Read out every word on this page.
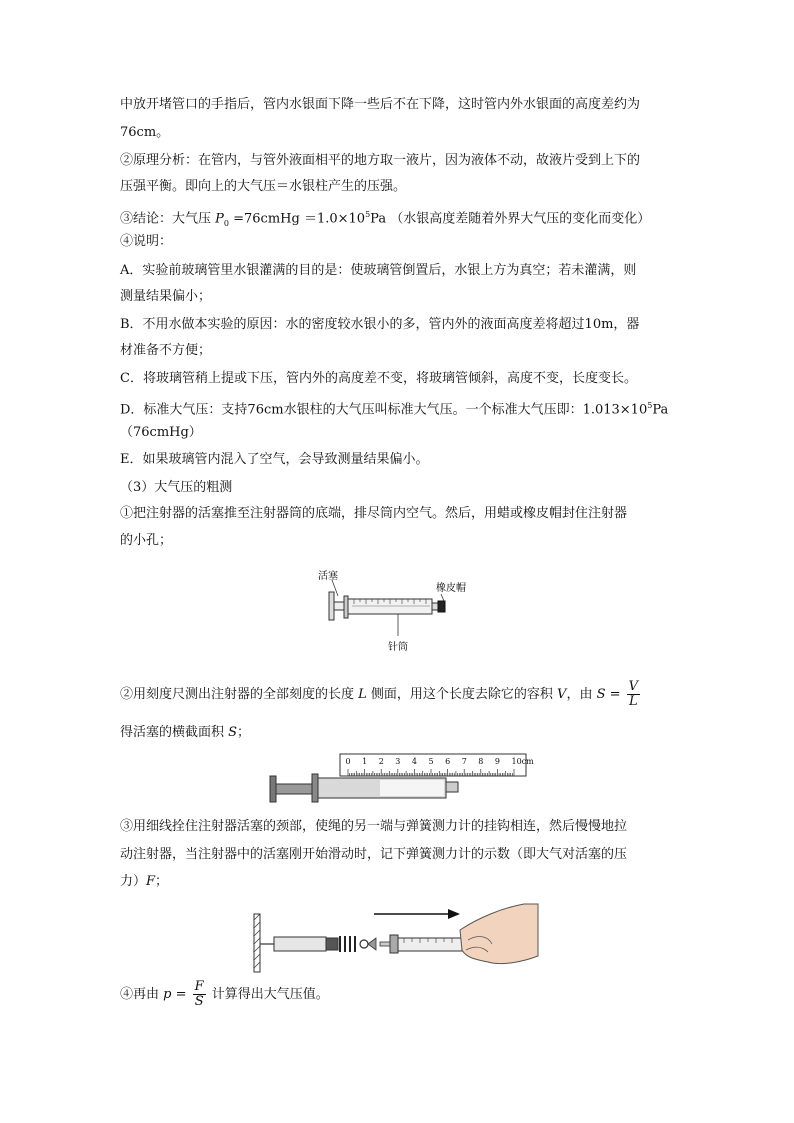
中放开堵管口的手指后，管内水银面下降一些后不在下降，这时管内外水银面的高度差约为
76cm。
②原理分析：在管内，与管外液面相平的地方取一液片，因为液体不动，故液片受到上下的
压强平衡。即向上的大气压＝水银柱产生的压强。
③结论：大气压 $P_0$ =76cmHg $=1.0\times 10^5Pa$ （水银高度差随着外界大气压的变化而变化）
④说明：
A．实验前玻璃管里水银灌满的目的是：使玻璃管倒置后，水银上方为真空；若未灌满，则
测量结果偏小；
B．不用水做本实验的原因：水的密度较水银小的多，管内外的液面高度差将超过10m，器
材准备不方便；
C．将玻璃管稍上提或下压，管内外的高度差不变，将玻璃管倾斜，高度不变，长度变长。
D．标准大气压：支持76cm水银柱的大气压叫标准大气压。一个标准大气压即：$1.013\times 10^5Pa$
（76cmHg）
E．如果玻璃管内混入了空气，会导致测量结果偏小。
（3）大气压的粗测
①把注射器的活塞推至注射器筒的底端，排尽筒内空气。然后，用蜡或橡皮帽封住注射器
的小孔；
活塞
橡皮帽
针筒
②用刻度尺测出注射器的全部刻度的长度 L 侧面，用这个长度去除它的容积 V，由 $S = \frac{V}{L}$
得活塞的横截面积 S；
0 1 2 3 4 5 6 7 8 9 10cm
③用细线拴住注射器活塞的颈部，使绳的另一端与弹簧测力计的挂钩相连，然后慢慢地拉
动注射器，当注射器中的活塞刚开始滑动时，记下弹簧测力计的示数（即大气对活塞的压
力）F；
④再由 $p = \frac{F}{S}$ 计算得出大气压值。
